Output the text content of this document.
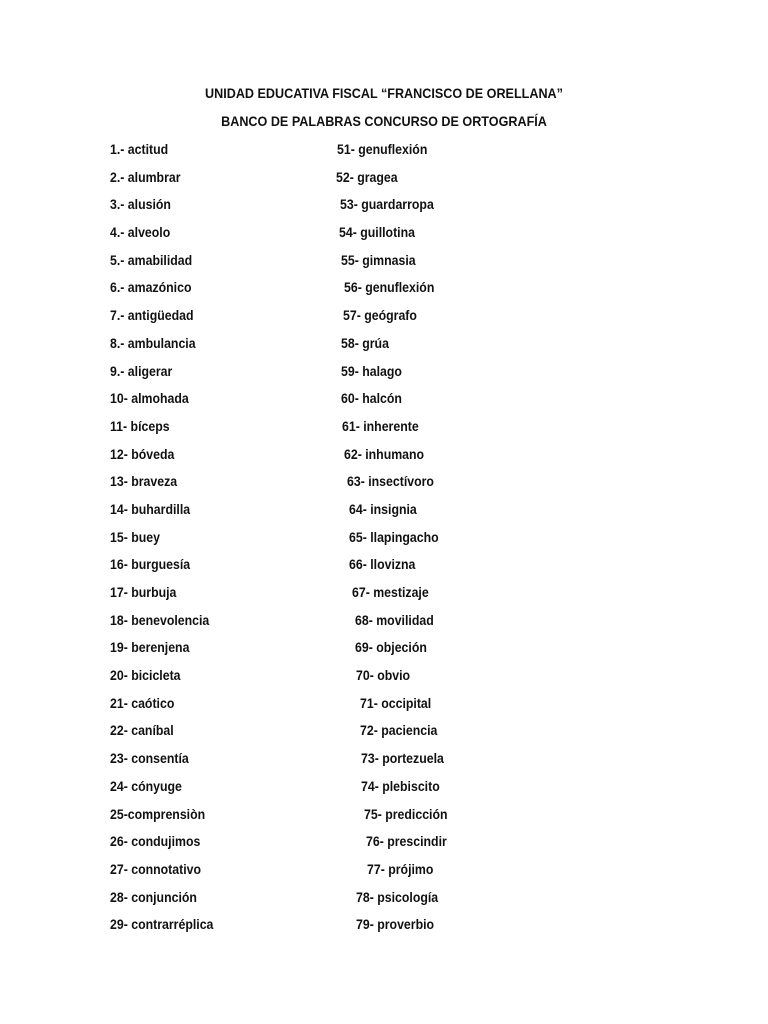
UNIDAD EDUCATIVA FISCAL “FRANCISCO DE ORELLANA”
BANCO DE PALABRAS CONCURSO DE ORTOGRAFÍA
1.- actitud	51- genuflexión
2.- alumbrar	52- gragea
3.- alusión	53- guardarropa
4.- alveolo	54- guillotina
5.- amabilidad	55- gimnasia
6.- amazónico	56- genuflexión
7.- antigüedad	57- geógrafo
8.- ambulancia	58- grúa
9.- aligerar	59- halago
10- almohada	60- halcón
11- bíceps	61- inherente
12- bóveda	62- inhumano
13- braveza	63- insectívoro
14- buhardilla	64- insignia
15- buey	65- llapingacho
16- burguesía	66- llovizna
17- burbuja	67- mestizaje
18- benevolencia	68- movilidad
19- berenjena	69- objeción
20- bicicleta	70- obvio
21- caótico	71- occipital
22- caníbal	72- paciencia
23- consentía	73- portezuela
24- cónyuge	74- plebiscito
25-comprensiòn	75- predicción
26- condujimos	76- prescindir
27- connotativo	77- prójimo
28- conjunción	78- psicología
29- contrarréplica	79- proverbio
